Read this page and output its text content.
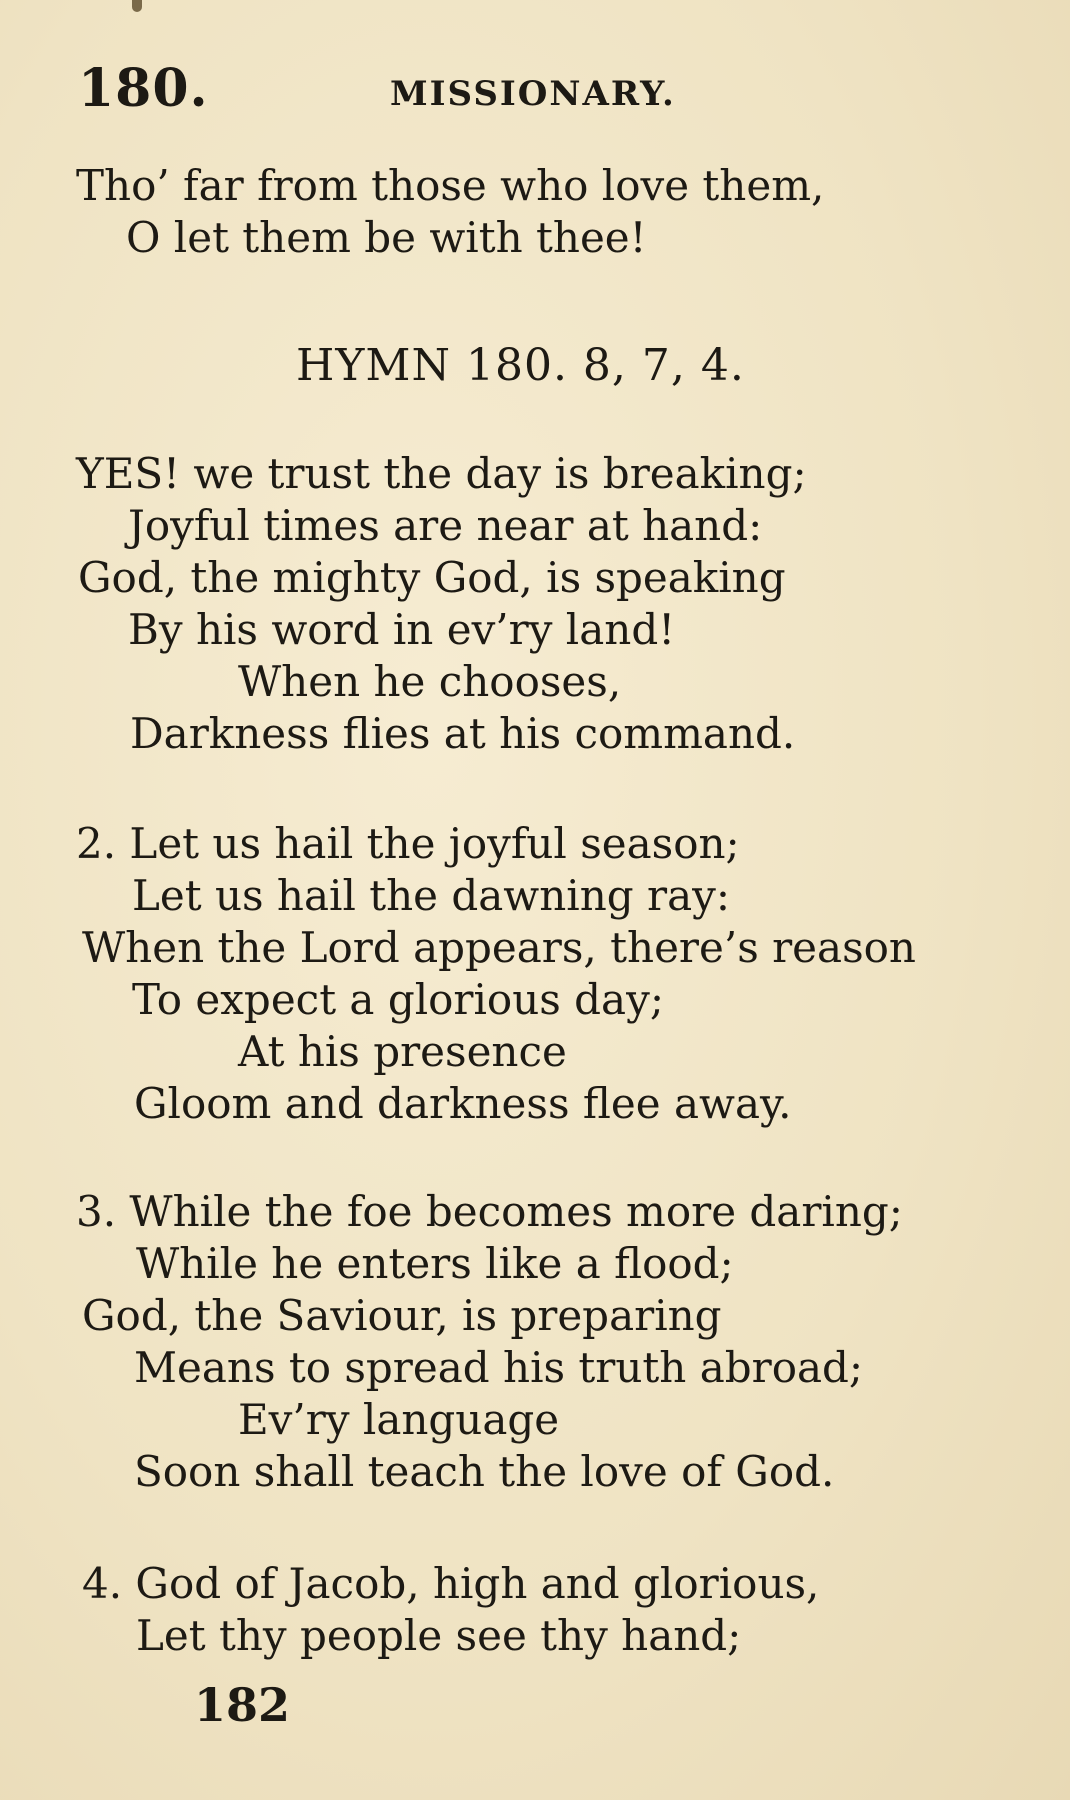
180.	MISSIONARY.
Tho’ far from those who love them,
O let them be with thee!
HYMN 180. 8, 7, 4.
YES! we trust the day is breaking;
Joyful times are near at hand:
God, the mighty God, is speaking
By his word in ev’ry land!
When he chooses,
Darkness flies at his command.
2. Let us hail the joyful season;
Let us hail the dawning ray:
When the Lord appears, there’s reason
To expect a glorious day;
At his presence
Gloom and darkness flee away.
3. While the foe becomes more daring;
While he enters like a flood;
God, the Saviour, is preparing
Means to spread his truth abroad;
Ev’ry language
Soon shall teach the love of God.
4. God of Jacob, high and glorious,
Let thy people see thy hand;
182
